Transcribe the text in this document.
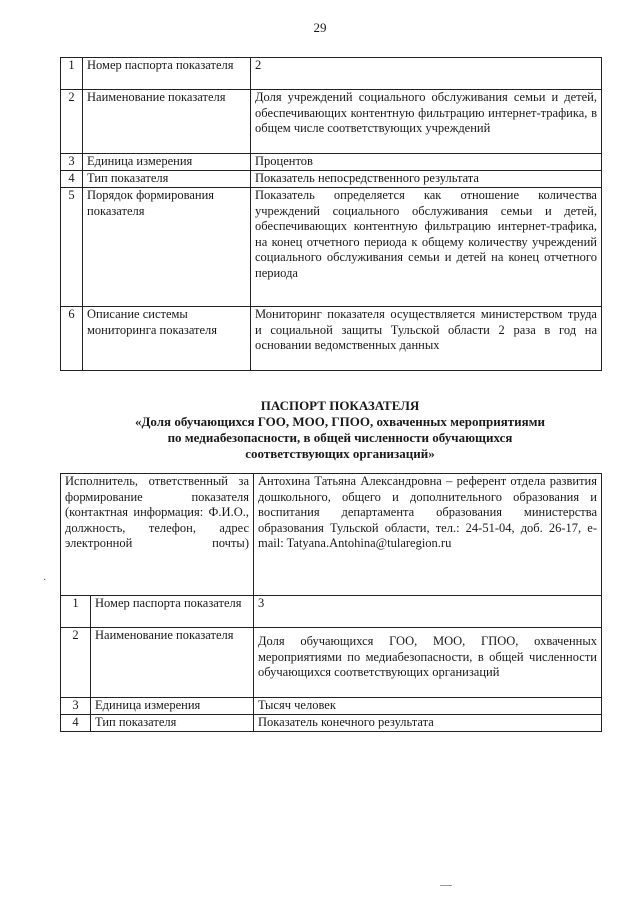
29
1	Номер паспорта показателя	2
2	Наименование показателя	Доля учреждений социального обслуживания семьи и детей, обеспечивающих контентную фильтрацию интернет-трафика, в общем числе соответствующих учреждений
3	Единица измерения	Процентов
4	Тип показателя	Показатель непосредственного результата
5	Порядок формирования показателя	Показатель определяется как отношение количества учреждений социального обслуживания семьи и детей, обеспечивающих контентную фильтрацию интернет-трафика, на конец отчетного периода к общему количеству учреждений социального обслуживания семьи и детей на конец отчетного периода
6	Описание системы мониторинга показателя	Мониторинг показателя осуществляется министерством труда и социальной защиты Тульской области 2 раза в год на основании ведомственных данных
ПАСПОРТ ПОКАЗАТЕЛЯ
«Доля обучающихся ГОО, МОО, ГПОО, охваченных мероприятиями
по медиабезопасности, в общей численности обучающихся
соответствующих организаций»
·
Исполнитель, ответственный за формирование показателя (контактная информация: Ф.И.О., должность, телефон, адрес электронной почты)		Антохина Татьяна Александровна – референт отдела развития дошкольного, общего и дополнительного образования и воспитания департамента образования министерства образования Тульской области, тел.: 24-51-04, доб. 26-17, e-mail: Tatyana.Antohina@tularegion.ru
1	Номер паспорта показателя	3
2	Наименование показателя	Доля обучающихся ГОО, МОО, ГПОО, охваченных мероприятиями по медиабезопасности, в общей численности обучающихся соответствующих организаций
3	Единица измерения	Тысяч человек
4	Тип показателя	Показатель конечного результата
